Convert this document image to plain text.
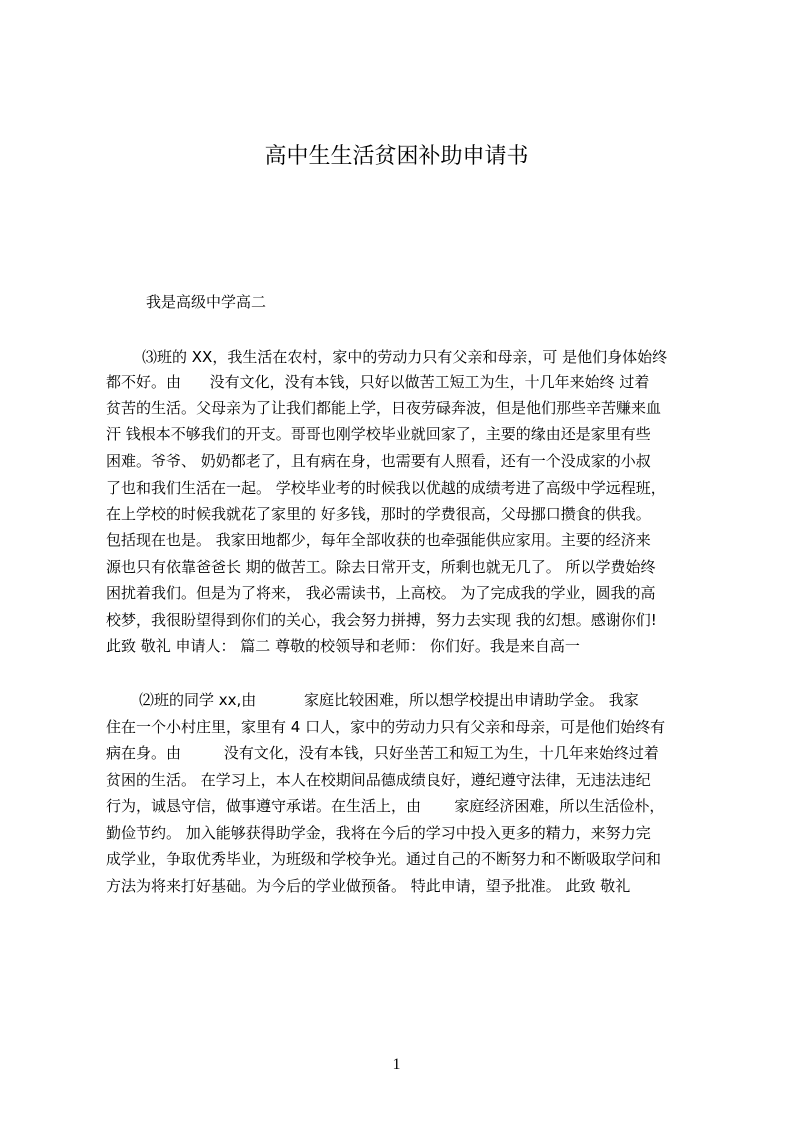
高中生生活贫困补助申请书
我是高级中学高二
⑶班的 XX，我生活在农村，家中的劳动力只有父亲和母亲，可 是他们身体始终
都不好。由      没有文化，没有本钱，只好以做苦工短工为生，十几年来始终 过着
贫苦的生活。父母亲为了让我们都能上学，日夜劳碌奔波，但是他们那些辛苦赚来血
汗 钱根本不够我们的开支。哥哥也刚学校毕业就回家了，主要的缘由还是家里有些
困难。爷爷、 奶奶都老了，且有病在身，也需要有人照看，还有一个没成家的小叔
了也和我们生活在一起。 学校毕业考的时候我以优越的成绩考进了高级中学远程班，
在上学校的时候我就花了家里的 好多钱，那时的学费很高，父母挪口攒食的供我。
包括现在也是。 我家田地都少，每年全部收获的也牵强能供应家用。主要的经济来
源也只有依靠爸爸长 期的做苦工。除去日常开支，所剩也就无几了。 所以学费始终
困扰着我们。但是为了将来， 我必需读书，上高校。 为了完成我的学业，圆我的高
校梦，我很盼望得到你们的关心，我会努力拼搏，努力去实现 我的幻想。感谢你们!
此致 敬礼 申请人： 篇二 尊敬的校领导和老师： 你们好。我是来自高一
⑵班的同学 xx,由          家庭比较困难，所以想学校提出申请助学金。 我家
住在一个小村庄里，家里有 4 口人，家中的劳动力只有父亲和母亲，可是他们始终有
病在身。由         没有文化，没有本钱，只好坐苦工和短工为生，十几年来始终过着
贫困的生活。 在学习上，本人在校期间品德成绩良好，遵纪遵守法律，无违法违纪
行为，诚恳守信，做事遵守承诺。在生活上，由       家庭经济困难，所以生活俭朴，
勤俭节约。 加入能够获得助学金，我将在今后的学习中投入更多的精力，来努力完
成学业，争取优秀毕业，为班级和学校争光。通过自己的不断努力和不断吸取学问和
方法为将来打好基础。为今后的学业做预备。 特此申请，望予批准。 此致 敬礼
1
